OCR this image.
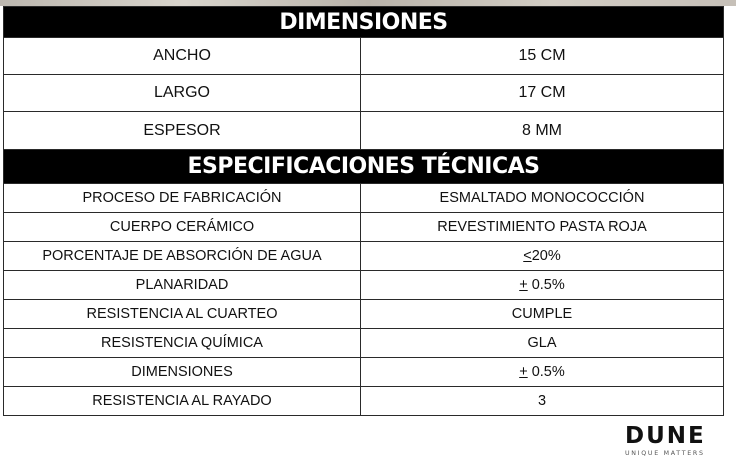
DIMENSIONES	
ANCHO	15 CM
LARGO	17 CM
ESPESOR	8 MM
ESPECIFICACIONES TÉCNICAS	
PROCESO DE FABRICACIÓN	ESMALTADO MONOCOCCIÓN
CUERPO CERÁMICO	REVESTIMIENTO PASTA ROJA
PORCENTAJE DE ABSORCIÓN DE AGUA	≤20%
PLANARIDAD	+ 0.5%
RESISTENCIA AL CUARTEO	CUMPLE
RESISTENCIA QUÍMICA	GLA
DIMENSIONES	+ 0.5%
RESISTENCIA AL RAYADO	3
DUNE
UNIQUE MATTERS
